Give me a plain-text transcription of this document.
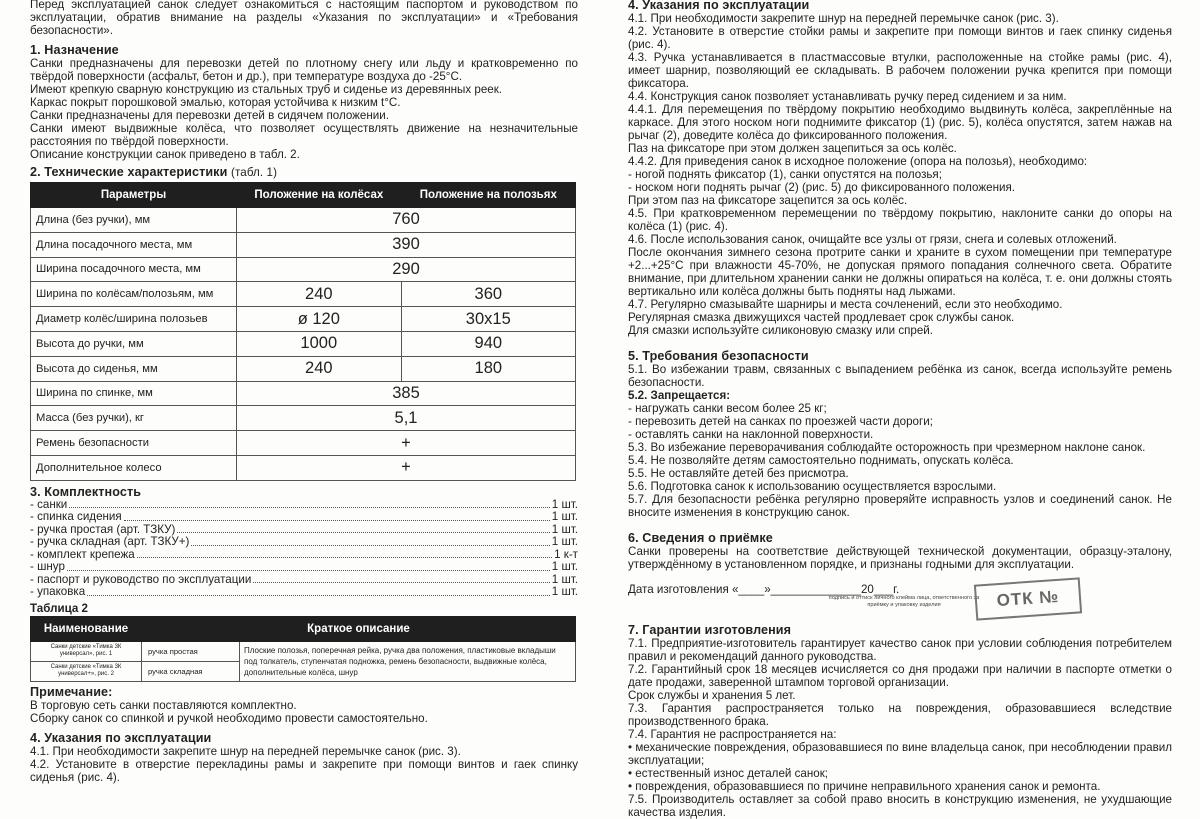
Перед эксплуатацией санок следует ознакомиться с настоящим паспортом и руководством по эксплуатации, обратив внимание на разделы «Указания по эксплуатации» и «Требования безопасности».

1. Назначение

Санки предназначены для перевозки детей по плотному снегу или льду и кратковременно по твёрдой поверхности (асфальт, бетон и др.), при температуре воздуха до -25°С.

Имеют крепкую сварную конструкцию из стальных труб и сиденье из деревянных реек.

Каркас покрыт порошковой эмалью, которая устойчива к низким t°С.

Санки предназначены для перевозки детей в сидячем положении.

Санки имеют выдвижные колёса, что позволяет осуществлять движение на незначительные расстояния по твёрдой поверхности.

Описание конструкции санок приведено в табл. 2.

2. Технические характеристики (табл. 1)
Параметры	Положение на колёсах	Положение на полозьях
Длина (без ручки), мм	760	
Длина посадочного места, мм	390	
Ширина посадочного места, мм	290	
Ширина по колёсам/полозьям, мм	240	360
Диаметр колёс/ширина полозьев	ø 120	30x15
Высота до ручки, мм	1000	940
Высота до сиденья, мм	240	180
Ширина по спинке, мм	385	
Масса (без ручки), кг	5,1	
Ремень безопасности	+	
Дополнительное колесо	+	
3. Комплектность
- санки	1 шт.
- спинка сидения	1 шт.
- ручка простая (арт. ТЗКУ)	1 шт.
- ручка складная (арт. ТЗКУ+)	1 шт.
- комплект крепежа	1 к-т
- шнур	1 шт.
- паспорт и руководство по эксплуатации	1 шт.
- упаковка	1 шт.
Таблица 2
Наименование	Краткое описание	
Санки детские «Тимка 3К универсал», рис. 1	ручка простая	Плоские полозья, поперечная рейка, ручка два положения, пластиковые вкладыши под толкатель, ступенчатая подножка, ремень безопасности, выдвижные колёса, дополнительные колёса, шнур
Санки детские «Тимка 3К универсал+», рис. 2	ручка складная	
Примечание:

В торговую сеть санки поставляются комплектно.

Сборку санок со спинкой и ручкой необходимо провести самостоятельно.

4. Указания по эксплуатации

4.1. При необходимости закрепите шнур на передней перемычке санок (рис. 3).

4.2. Установите в отверстие перекладины рамы и закрепите при помощи винтов и гаек спинку сиденья (рис. 4).

4. Указания по эксплуатации

4.1. При необходимости закрепите шнур на передней перемычке санок (рис. 3).

4.2. Установите в отверстие стойки рамы и закрепите при помощи винтов и гаек спинку сиденья (рис. 4).

4.3. Ручка устанавливается в пластмассовые втулки, расположенные на стойке рамы (рис. 4), имеет шарнир, позволяющий ее складывать. В рабочем положении ручка крепится при помощи фиксатора.

4.4. Конструкция санок позволяет устанавливать ручку перед сидением и за ним.

4.4.1. Для перемещения по твёрдому покрытию необходимо выдвинуть колёса, закреплённые на каркасе. Для этого носком ноги поднимите фиксатор (1) (рис. 5), колёса опустятся, затем нажав на рычаг (2), доведите колёса до фиксированного положения.

Паз на фиксаторе при этом должен зацепиться за ось колёс.

4.4.2. Для приведения санок в исходное положение (опора на полозья), необходимо:

- ногой поднять фиксатор (1), санки опустятся на полозья;

- носком ноги поднять рычаг (2) (рис. 5) до фиксированного положения.

При этом паз на фиксаторе зацепится за ось колёс.

4.5. При кратковременном перемещении по твёрдому покрытию, наклоните санки до опоры на колёса (1) (рис. 4).

4.6. После использования санок, очищайте все узлы от грязи, снега и солевых отложений.

После окончания зимнего сезона протрите санки и храните в сухом помещении при температуре +2...+25°С при влажности 45-70%, не допуская прямого попадания солнечного света. Обратите внимание, при длительном хранении санки не должны опираться на колёса, т. е. они должны стоять вертикально или колёса должны быть подняты над лыжами.

4.7. Регулярно смазывайте шарниры и места сочленений, если это необходимо.

Регулярная смазка движущихся частей продлевает срок службы санок.

Для смазки используйте силиконовую смазку или спрей.

5. Требования безопасности

5.1. Во избежании травм, связанных с выпадением ребёнка из санок, всегда используйте ремень безопасности.

5.2. Запрещается:

- нагружать санки весом более 25 кг;

- перевозить детей на санках по проезжей части дороги;

- оставлять санки на наклонной поверхности.

5.3. Во избежание переворачивания соблюдайте осторожность при чрезмерном наклоне санок.

5.4. Не позволяйте детям самостоятельно поднимать, опускать колёса.

5.5. Не оставляйте детей без присмотра.

5.6. Подготовка санок к использованию осуществляется взрослыми.

5.7. Для безопасности ребёнка регулярно проверяйте исправность узлов и соединений санок. Не вносите изменения в конструкцию санок.

6. Сведения о приёмке

Санки проверены на соответствие действующей технической документации, образцу-эталону, утверждённому в установленном порядке, и признаны годными для эксплуатации.

Дата изготовления «____»______________20___г.
подпись и оттиск личного клейма лица, ответственного за приёмку и упаковку изделия	ОТК №
7. Гарантии изготовления

7.1. Предприятие-изготовитель гарантирует качество санок при условии соблюдения потребителем правил и рекомендаций данного руководства.

7.2. Гарантийный срок 18 месяцев исчисляется со дня продажи при наличии в паспорте отметки о дате продажи, заверенной штампом торговой организации.

Срок службы и хранения 5 лет.

7.3. Гарантия распространяется только на повреждения, образовавшиеся вследствие производственного брака.

7.4. Гарантия не распространяется на:

• механические повреждения, образовавшиеся по вине владельца санок, при несоблюдении правил эксплуатации;

• естественный износ деталей санок;

• повреждения, образовавшиеся по причине неправильного хранения санок и ремонта.

7.5. Производитель оставляет за собой право вносить в конструкцию изменения, не ухудшающие качества изделия.
